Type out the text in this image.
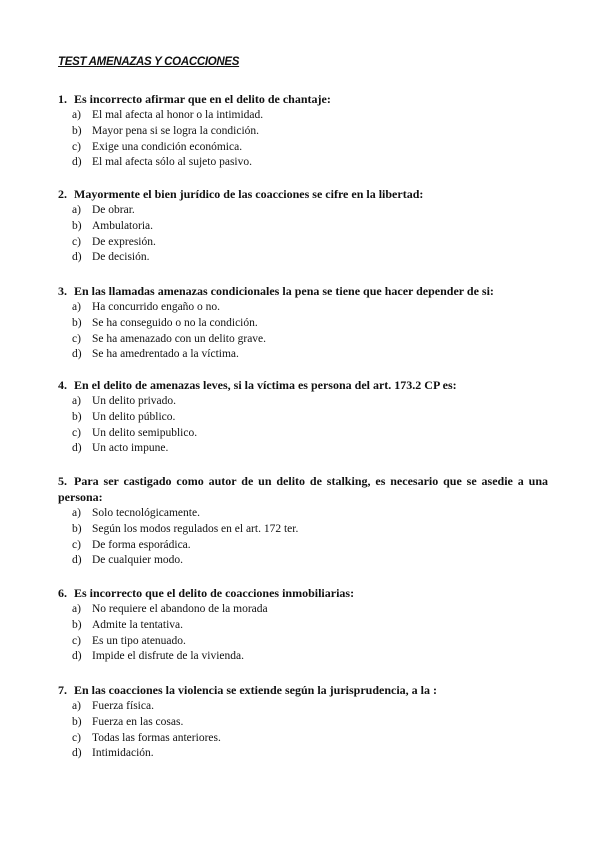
TEST AMENAZAS Y COACCIONES

1. Es incorrecto afirmar que en el delito de chantaje:

a) El mal afecta al honor o la intimidad.
b) Mayor pena si se logra la condición.
c) Exige una condición económica.
d) El mal afecta sólo al sujeto pasivo.

2. Mayormente el bien jurídico de las coacciones se cifre en la libertad:

a) De obrar.
b) Ambulatoria.
c) De expresión.
d) De decisión.

3. En las llamadas amenazas condicionales la pena se tiene que hacer depender de si:

a) Ha concurrido engaño o no.
b) Se ha conseguido o no la condición.
c) Se ha amenazado con un delito grave.
d) Se ha amedrentado a la víctima.

4. En el delito de amenazas leves, si la víctima es persona del art. 173.2 CP es:

a) Un delito privado.
b) Un delito público.
c) Un delito semipublico.
d) Un acto impune.

5. Para ser castigado como autor de un delito de stalking, es necesario que se asedie a una persona:

a) Solo tecnológicamente.
b) Según los modos regulados en el art. 172 ter.
c) De forma esporádica.
d) De cualquier modo.

6. Es incorrecto que el delito de coacciones inmobiliarias:

a) No requiere el abandono de la morada
b) Admite la tentativa.
c) Es un tipo atenuado.
d) Impide el disfrute de la vivienda.

7. En las coacciones la violencia se extiende según la jurisprudencia, a la :

a) Fuerza física.
b) Fuerza en las cosas.
c) Todas las formas anteriores.
d) Intimidación.
